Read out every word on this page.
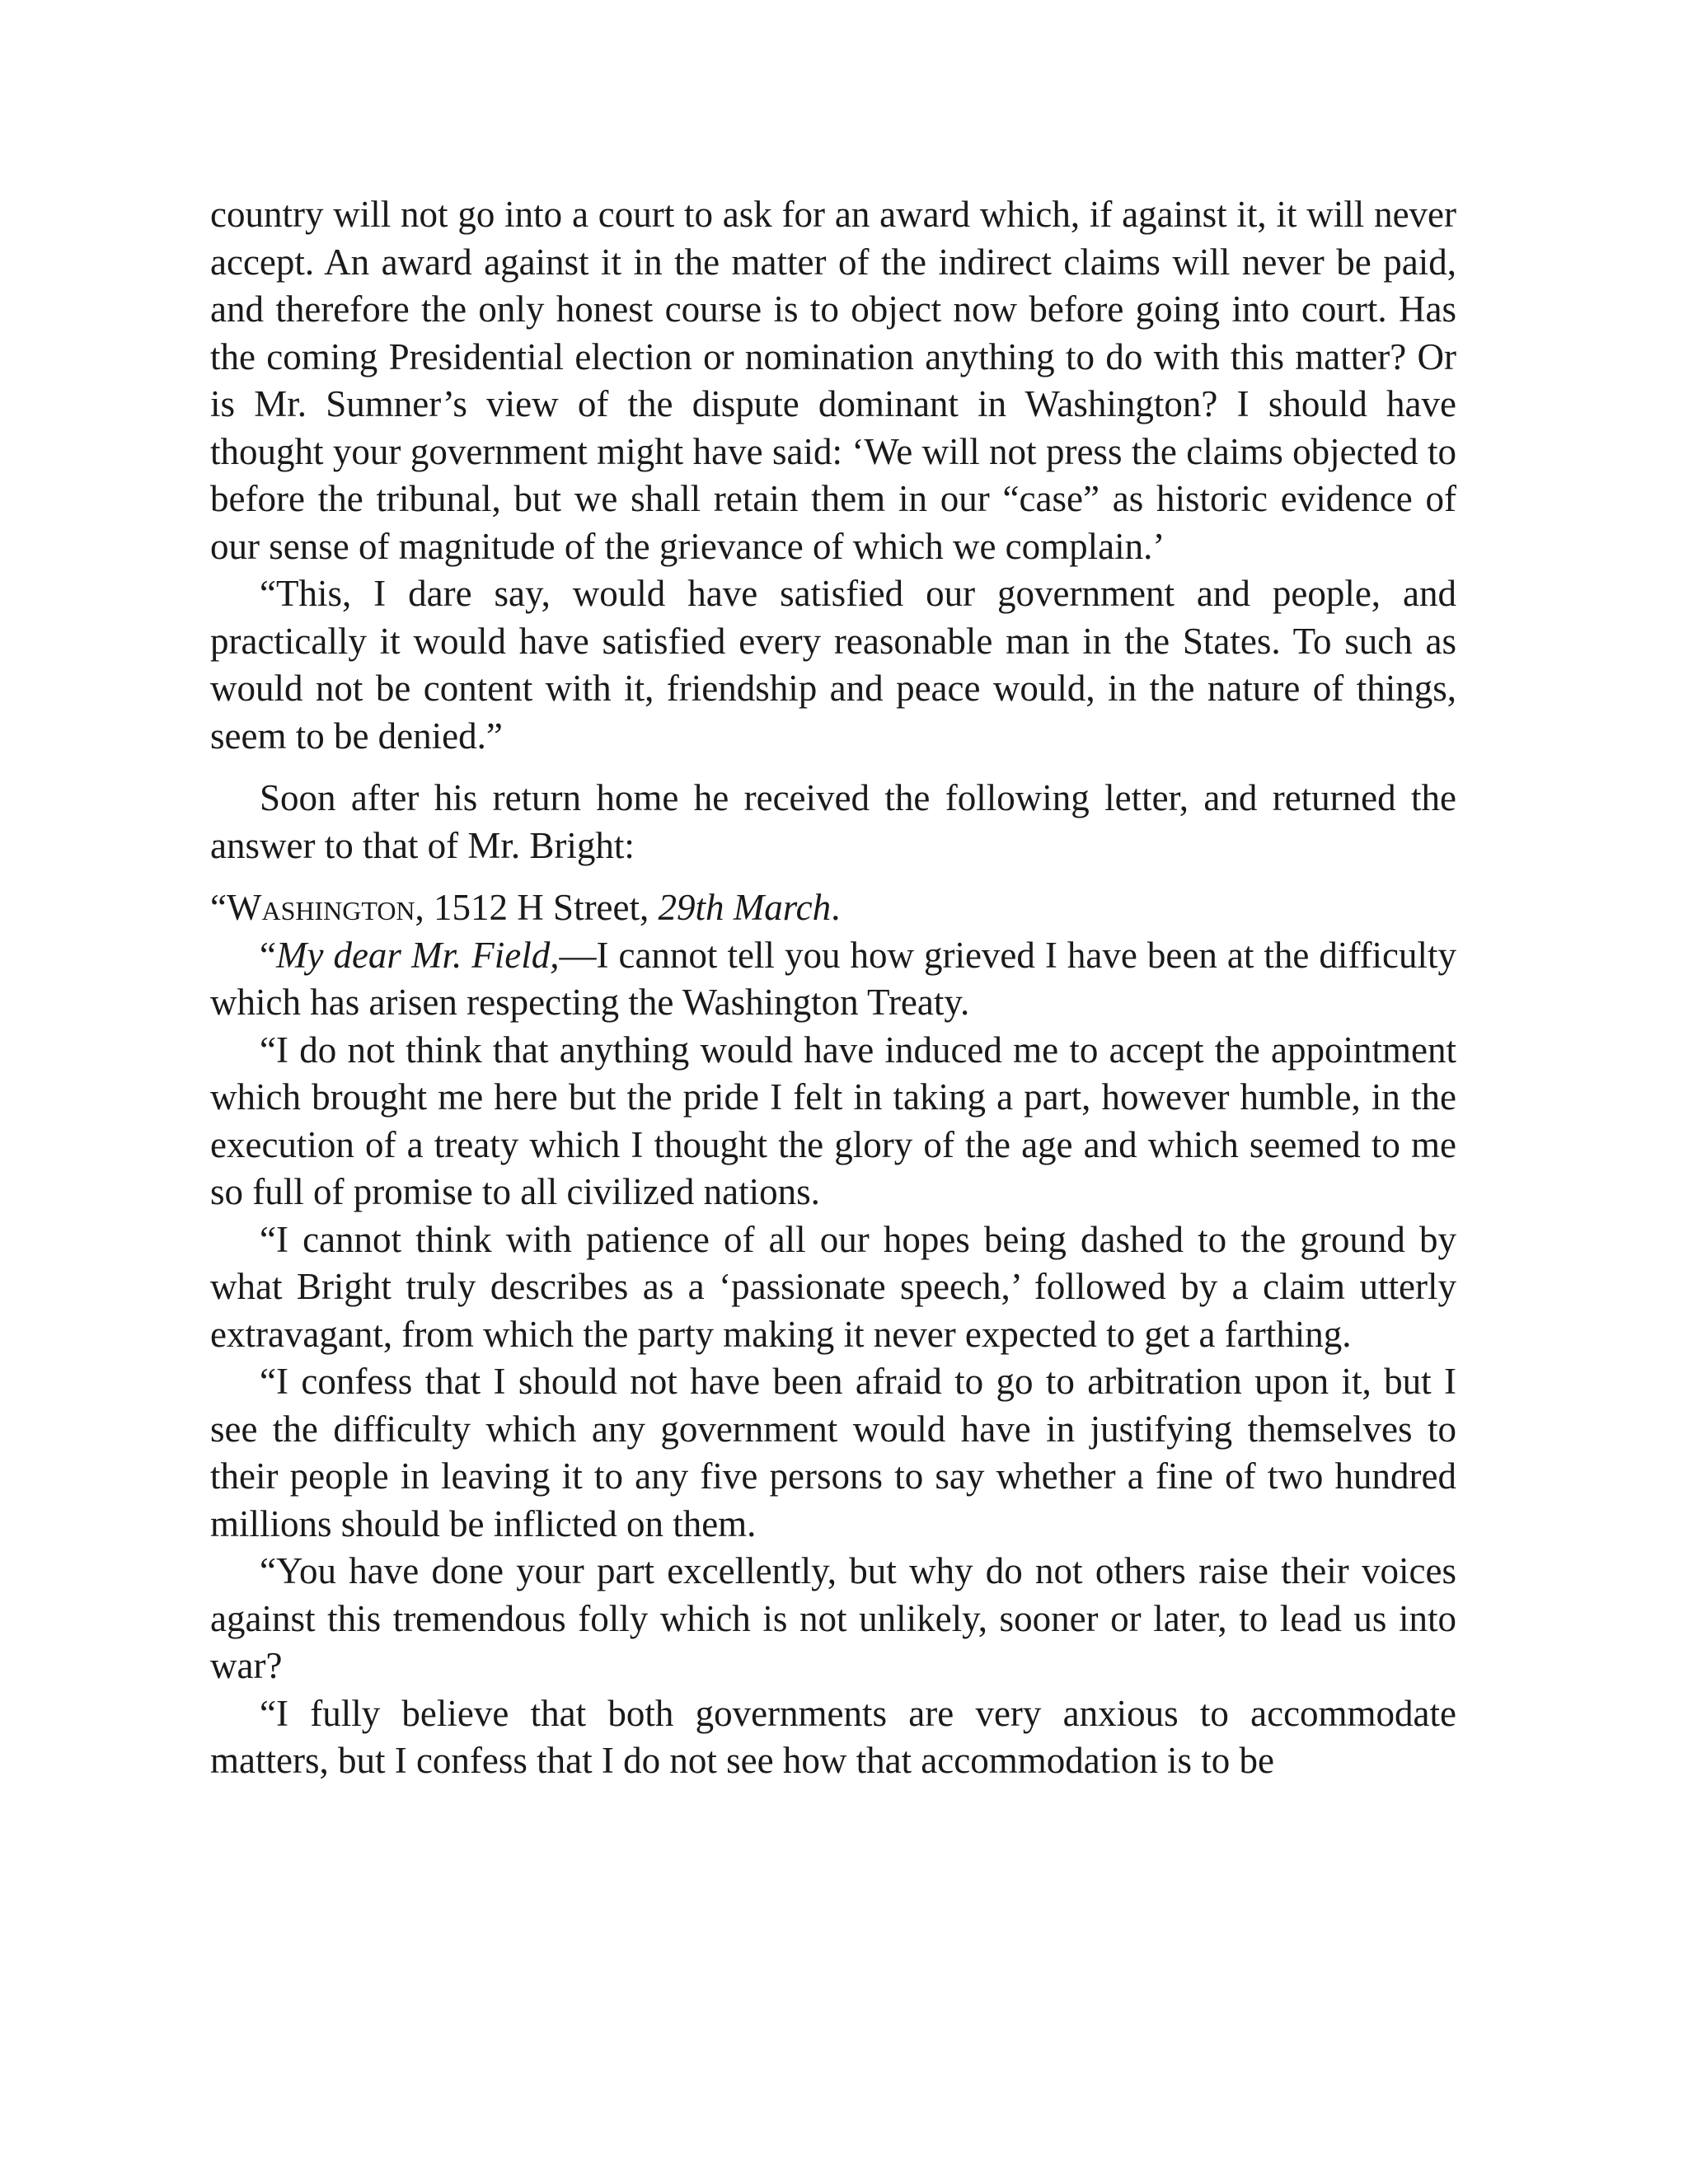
country will not go into a court to ask for an award which, if against it, it will never accept. An award against it in the matter of the indirect claims will never be paid, and therefore the only honest course is to object now before going into court. Has the coming Presidential election or nomination anything to do with this matter? Or is Mr. Sumner’s view of the dispute dominant in Washington? I should have thought your government might have said: ‘We will not press the claims objected to before the tribunal, but we shall retain them in our “case” as historic evidence of our sense of magnitude of the grievance of which we complain.’

“This, I dare say, would have satisfied our government and people, and practically it would have satisfied every reasonable man in the States. To such as would not be content with it, friendship and peace would, in the nature of things, seem to be denied.”

Soon after his return home he received the following letter, and returned the answer to that of Mr. Bright:

“Washington, 1512 H Street, 29th March.

“My dear Mr. Field,—I cannot tell you how grieved I have been at the difficulty which has arisen respecting the Washington Treaty.

“I do not think that anything would have induced me to accept the appointment which brought me here but the pride I felt in taking a part, however humble, in the execution of a treaty which I thought the glory of the age and which seemed to me so full of promise to all civilized nations.

“I cannot think with patience of all our hopes being dashed to the ground by what Bright truly describes as a ‘passionate speech,’ followed by a claim utterly extravagant, from which the party making it never expected to get a farthing.

“I confess that I should not have been afraid to go to arbitration upon it, but I see the difficulty which any government would have in justifying themselves to their people in leaving it to any five persons to say whether a fine of two hundred millions should be inflicted on them.

“You have done your part excellently, but why do not others raise their voices against this tremendous folly which is not unlikely, sooner or later, to lead us into war?

“I fully believe that both governments are very anxious to accommodate matters, but I confess that I do not see how that accommodation is to be
